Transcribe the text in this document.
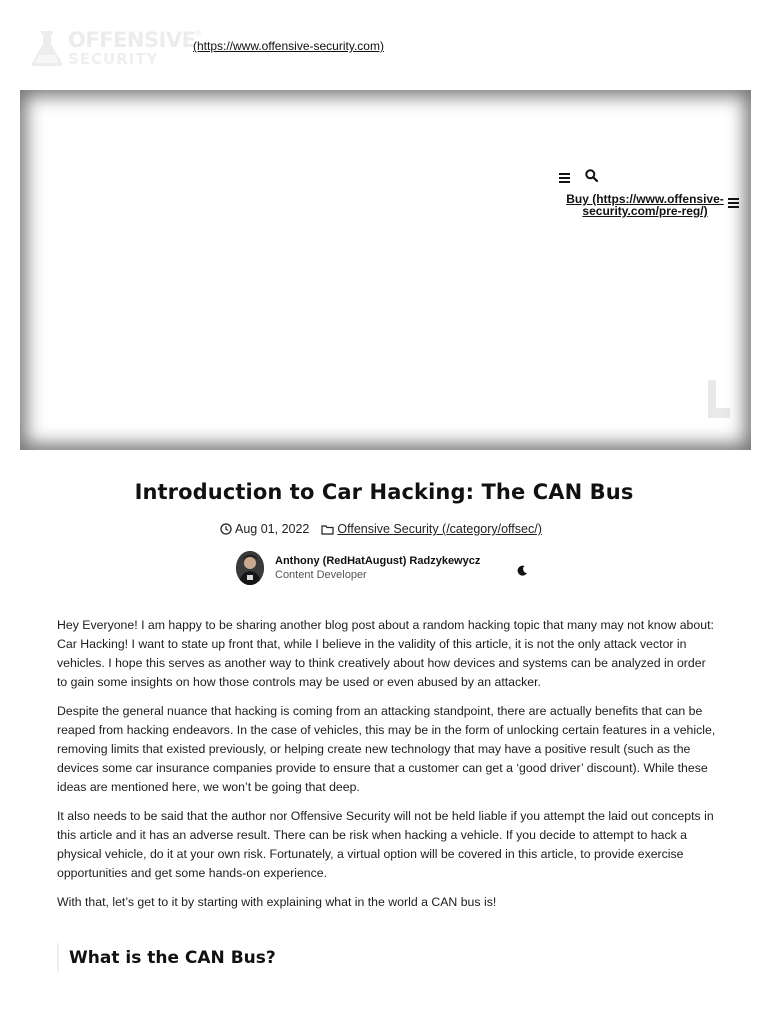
OFFENSIVE®
SECURITY
(https://www.offensive-security.com)
Buy (https://www.offensive-security.com/pre-reg/)
Introduction to Car Hacking: The CAN Bus
Aug 01, 2022 Offensive Security (/category/offsec/)
Anthony (RedHatAugust) Radzykewycz
Content Developer

Hey Everyone! I am happy to be sharing another blog post about a random hacking topic that many may not know about: Car Hacking! I want to state up front that, while I believe in the validity of this article, it is not the only attack vector in vehicles. I hope this serves as another way to think creatively about how devices and systems can be analyzed in order to gain some insights on how those controls may be used or even abused by an attacker.

Despite the general nuance that hacking is coming from an attacking standpoint, there are actually benefits that can be reaped from hacking endeavors. In the case of vehicles, this may be in the form of unlocking certain features in a vehicle, removing limits that existed previously, or helping create new technology that may have a positive result (such as the devices some car insurance companies provide to ensure that a customer can get a ‘good driver’ discount). While these ideas are mentioned here, we won’t be going that deep.

It also needs to be said that the author nor Offensive Security will not be held liable if you attempt the laid out concepts in this article and it has an adverse result. There can be risk when hacking a vehicle. If you decide to attempt to hack a physical vehicle, do it at your own risk. Fortunately, a virtual option will be covered in this article, to provide exercise opportunities and get some hands-on experience.

With that, let’s get to it by starting with explaining what in the world a CAN bus is!

What is the CAN Bus?
